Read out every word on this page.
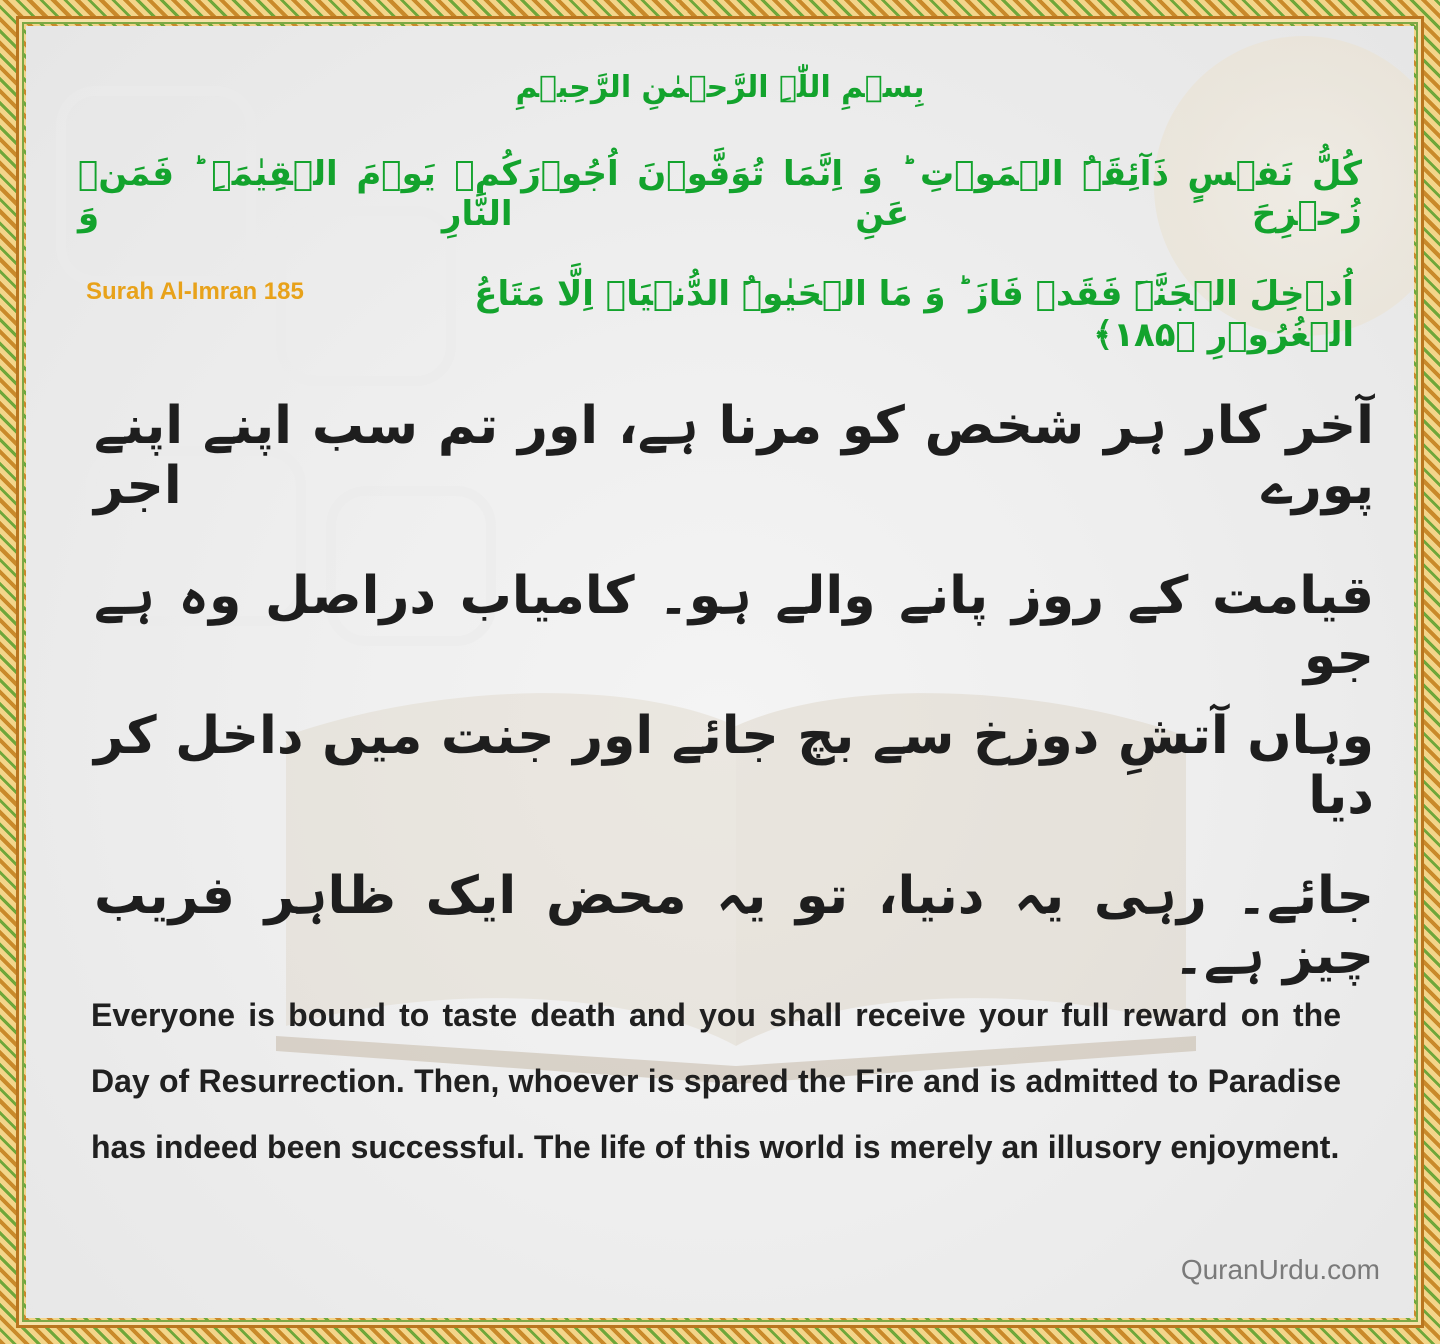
بِسۡمِ اللّٰہِ الرَّحۡمٰنِ الرَّحِیۡمِ
کُلُّ نَفۡسٍ ذَآئِقَۃُ الۡمَوۡتِ ؕ وَ اِنَّمَا تُوَفَّوۡنَ اُجُوۡرَکُمۡ یَوۡمَ الۡقِیٰمَۃِ ؕ فَمَنۡ زُحۡزِحَ عَنِ النَّارِ وَ
اُدۡخِلَ الۡجَنَّۃَ فَقَدۡ فَازَ ؕ وَ مَا الۡحَیٰوۃُ الدُّنۡیَاۤ اِلَّا مَتَاعُ الۡغُرُوۡرِ ﴿۱۸۵﴾
Surah Al-Imran 185
آخر کار ہر شخص کو مرنا ہے، اور تم سب اپنے اپنے پورے اجر
قیامت کے روز پانے والے ہو۔ کامیاب دراصل وہ ہے جو
وہاں آتشِ دوزخ سے بچ جائے اور جنت میں داخل کر دیا
جائے۔ رہی یہ دنیا، تو یہ محض ایک ظاہر فریب چیز ہے۔
Everyone is bound to taste death and you shall receive your full reward on the Day of Resurrection. Then, whoever is spared the Fire and is admitted to Paradise has indeed been successful. The life of this world is merely an illusory enjoyment.
QuranUrdu.com
